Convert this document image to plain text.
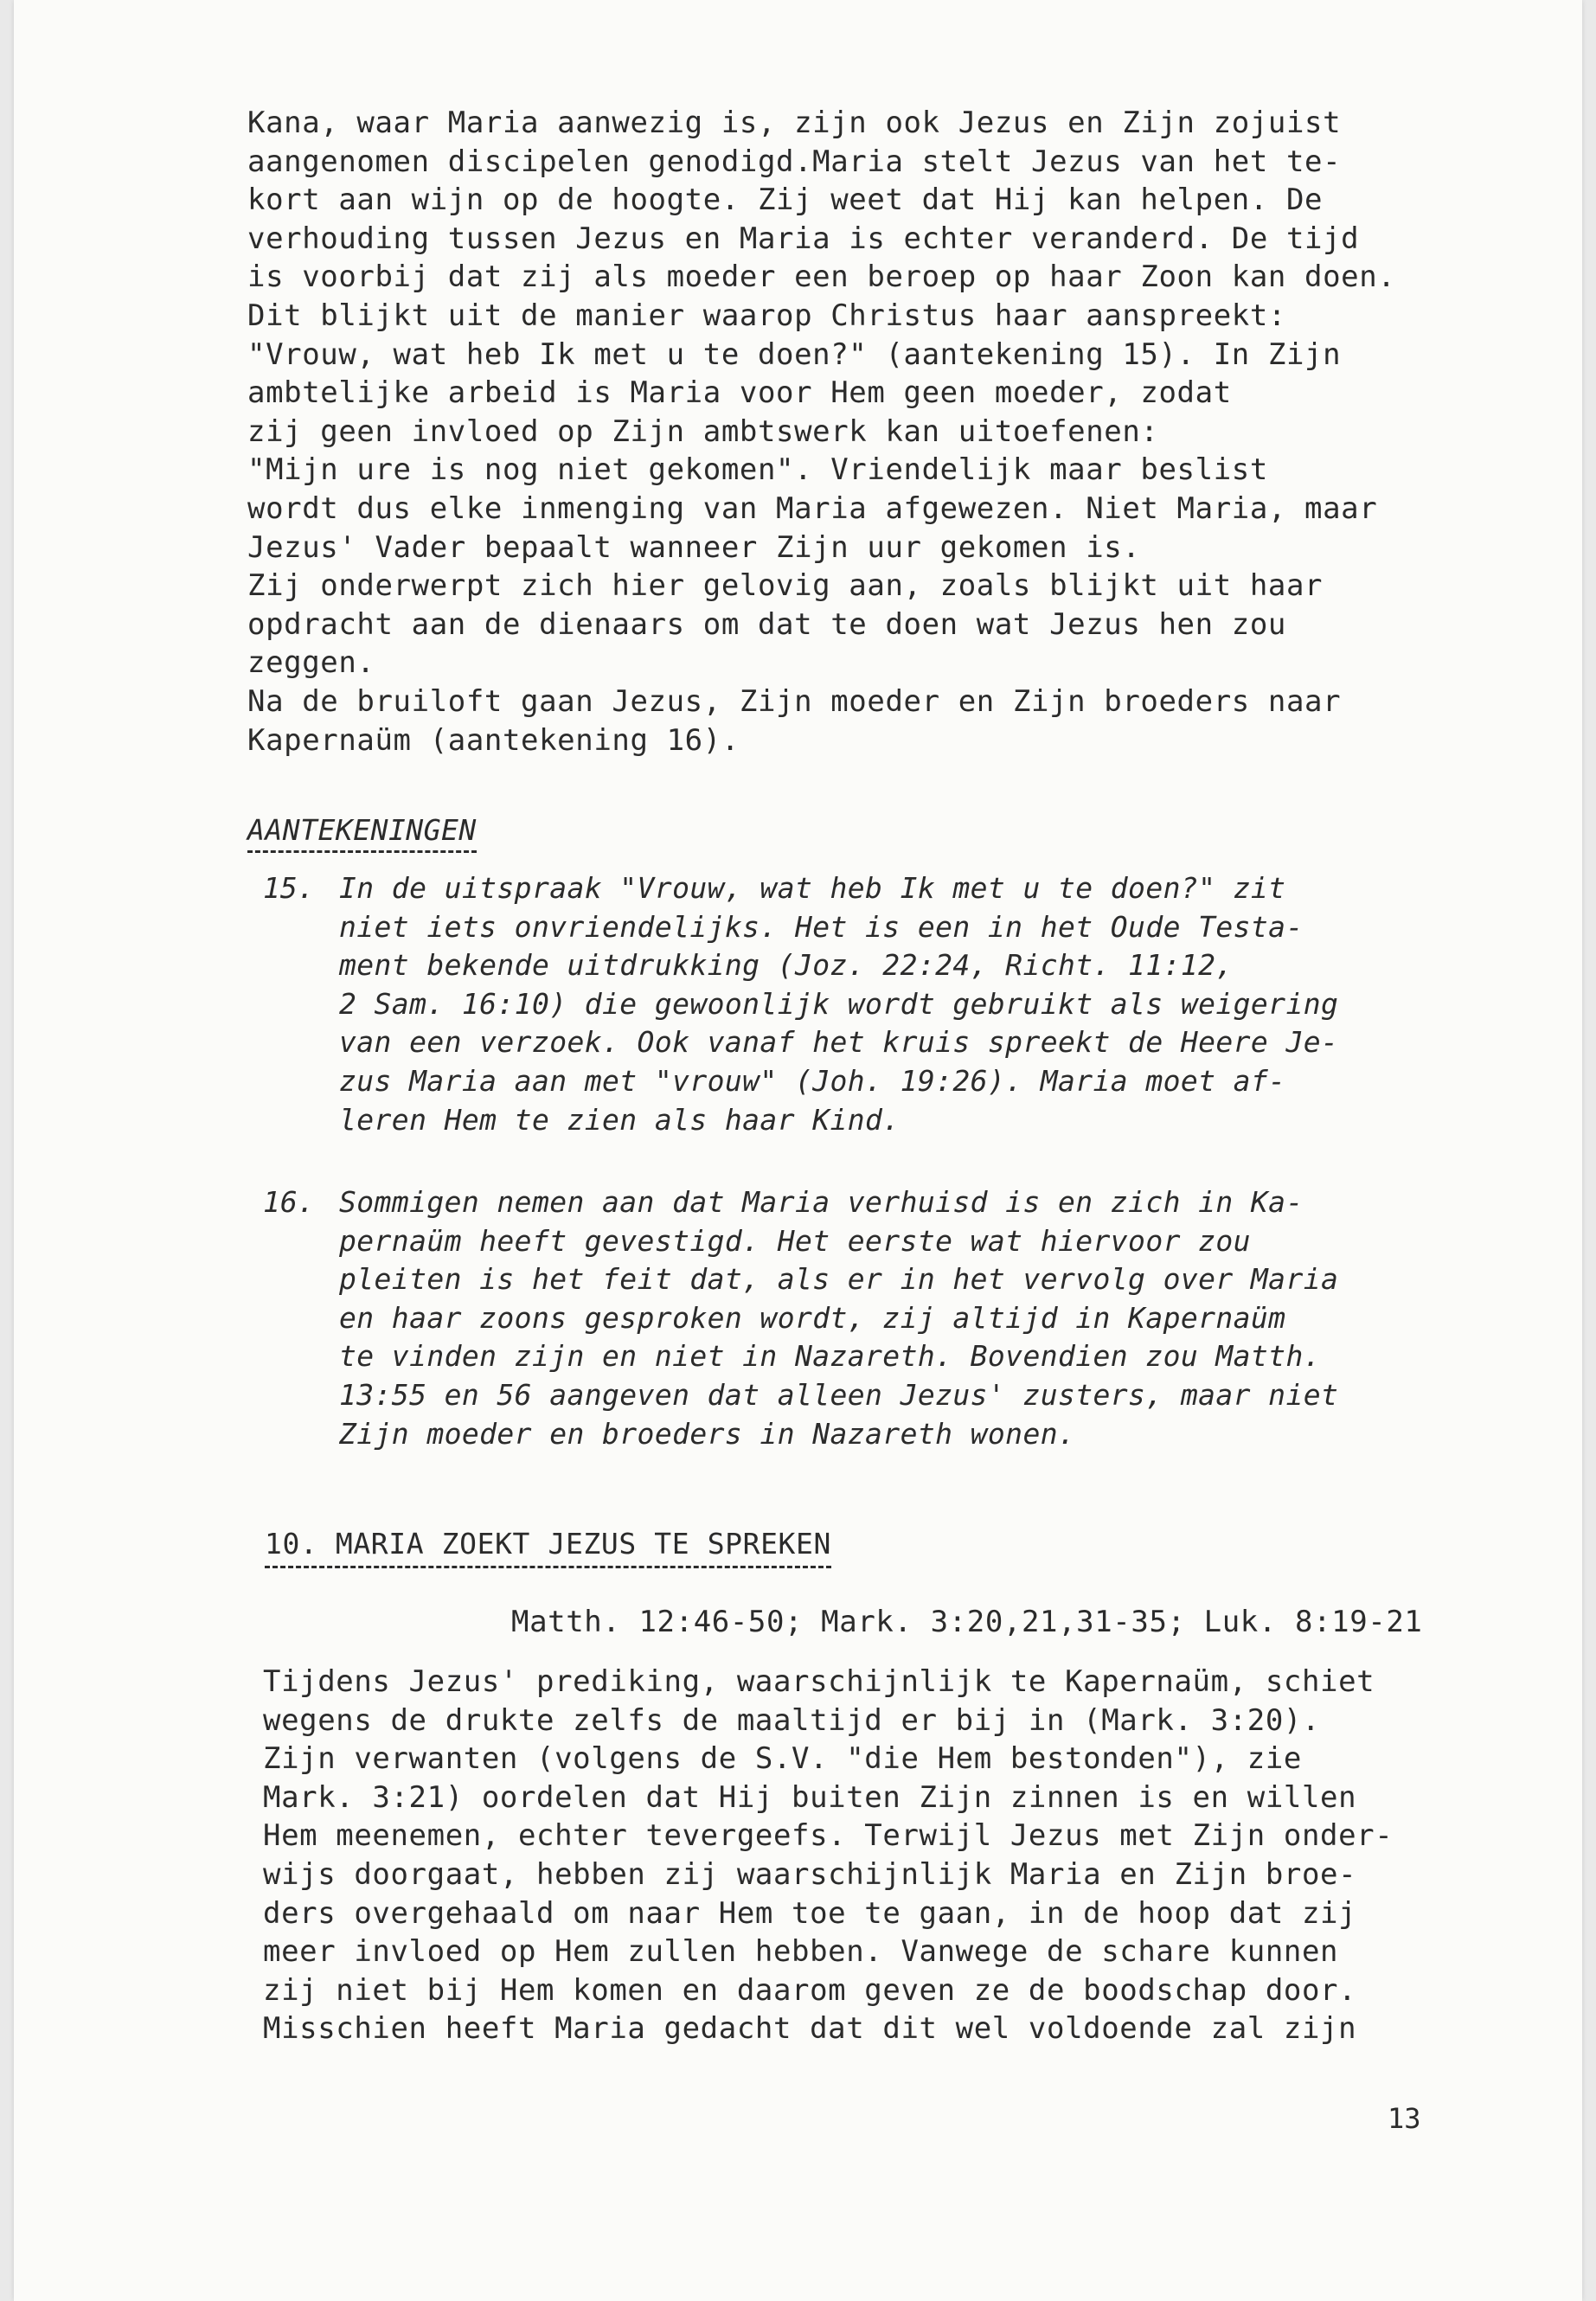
Kana, waar Maria aanwezig is, zijn ook Jezus en Zijn zojuist
aangenomen discipelen genodigd.Maria stelt Jezus van het te-
kort aan wijn op de hoogte. Zij weet dat Hij kan helpen. De
verhouding tussen Jezus en Maria is echter veranderd. De tijd
is voorbij dat zij als moeder een beroep op haar Zoon kan doen.
Dit blijkt uit de manier waarop Christus haar aanspreekt:
"Vrouw, wat heb Ik met u te doen?" (aantekening 15). In Zijn
ambtelijke arbeid is Maria voor Hem geen moeder, zodat
zij geen invloed op Zijn ambtswerk kan uitoefenen:
"Mijn ure is nog niet gekomen". Vriendelijk maar beslist
wordt dus elke inmenging van Maria afgewezen. Niet Maria, maar
Jezus' Vader bepaalt wanneer Zijn uur gekomen is.
Zij onderwerpt zich hier gelovig aan, zoals blijkt uit haar
opdracht aan de dienaars om dat te doen wat Jezus hen zou
zeggen.
Na de bruiloft gaan Jezus, Zijn moeder en Zijn broeders naar
Kapernaüm (aantekening 16).
AANTEKENINGEN
15. In de uitspraak "Vrouw, wat heb Ik met u te doen?" zit
niet iets onvriendelijks. Het is een in het Oude Testa-
ment bekende uitdrukking (Joz. 22:24, Richt. 11:12,
2 Sam. 16:10) die gewoonlijk wordt gebruikt als weigering
van een verzoek. Ook vanaf het kruis spreekt de Heere Je-
zus Maria aan met "vrouw" (Joh. 19:26). Maria moet af-
leren Hem te zien als haar Kind.
16. Sommigen nemen aan dat Maria verhuisd is en zich in Ka-
pernaüm heeft gevestigd. Het eerste wat hiervoor zou
pleiten is het feit dat, als er in het vervolg over Maria
en haar zoons gesproken wordt, zij altijd in Kapernaüm
te vinden zijn en niet in Nazareth. Bovendien zou Matth.
13:55 en 56 aangeven dat alleen Jezus' zusters, maar niet
Zijn moeder en broeders in Nazareth wonen.
10. MARIA ZOEKT JEZUS TE SPREKEN
Matth. 12:46-50; Mark. 3:20,21,31-35; Luk. 8:19-21
Tijdens Jezus' prediking, waarschijnlijk te Kapernaüm, schiet
wegens de drukte zelfs de maaltijd er bij in (Mark. 3:20).
Zijn verwanten (volgens de S.V. "die Hem bestonden"), zie
Mark. 3:21) oordelen dat Hij buiten Zijn zinnen is en willen
Hem meenemen, echter tevergeefs. Terwijl Jezus met Zijn onder-
wijs doorgaat, hebben zij waarschijnlijk Maria en Zijn broe-
ders overgehaald om naar Hem toe te gaan, in de hoop dat zij
meer invloed op Hem zullen hebben. Vanwege de schare kunnen
zij niet bij Hem komen en daarom geven ze de boodschap door.
Misschien heeft Maria gedacht dat dit wel voldoende zal zijn
13
